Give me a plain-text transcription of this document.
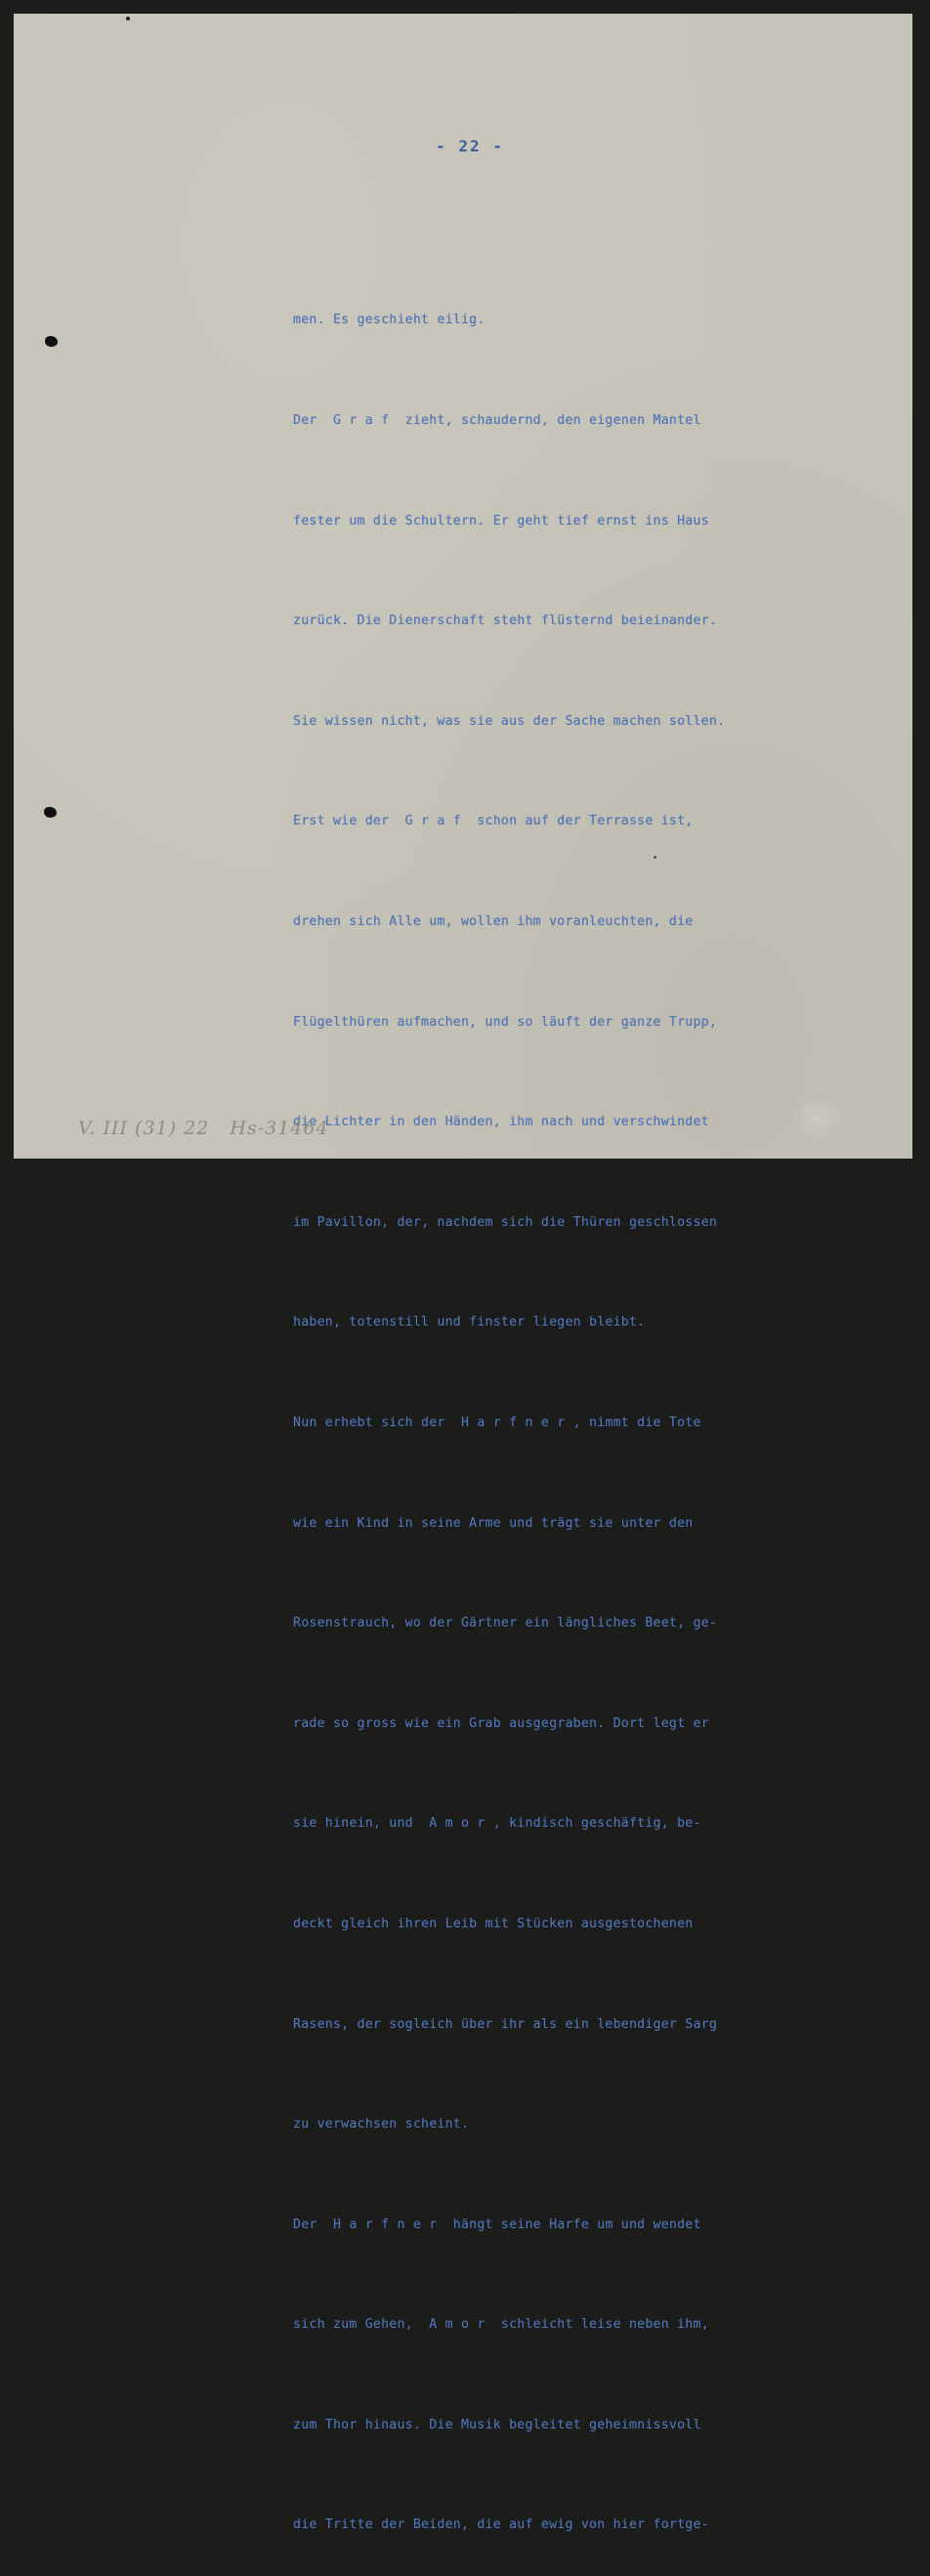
- 22 -

men. Es geschieht eilig.

Der  G r a f  zieht, schaudernd, den eigenen Mantel

fester um die Schultern. Er geht tief ernst ins Haus

zurück. Die Dienerschaft steht flüsternd beieinander.

Sie wissen nicht, was sie aus der Sache machen sollen.

Erst wie der  G r a f  schon auf der Terrasse ist,

drehen sich Alle um, wollen ihm voranleuchten, die

Flügelthüren aufmachen, und so läuft der ganze Trupp,

die Lichter in den Händen, ihm nach und verschwindet

im Pavillon, der, nachdem sich die Thüren geschlossen

haben, totenstill und finster liegen bleibt.

Nun erhebt sich der  H a r f n e r , nimmt die Tote

wie ein Kind in seine Arme und trägt sie unter den

Rosenstrauch, wo der Gärtner ein längliches Beet, ge-

rade so gross wie ein Grab ausgegraben. Dort legt er

sie hinein, und  A m o r , kindisch geschäftig, be-

deckt gleich ihren Leib mit Stücken ausgestochenen

Rasens, der sogleich über ihr als ein lebendiger Sarg

zu verwachsen scheint.

Der  H a r f n e r  hängt seine Harfe um und wendet

sich zum Gehen,  A m o r  schleicht leise neben ihm,

zum Thor hinaus. Die Musik begleitet geheimnissvoll

die Tritte der Beiden, die auf ewig von hier fortge-

V. III (31) 22   Hs-31464
